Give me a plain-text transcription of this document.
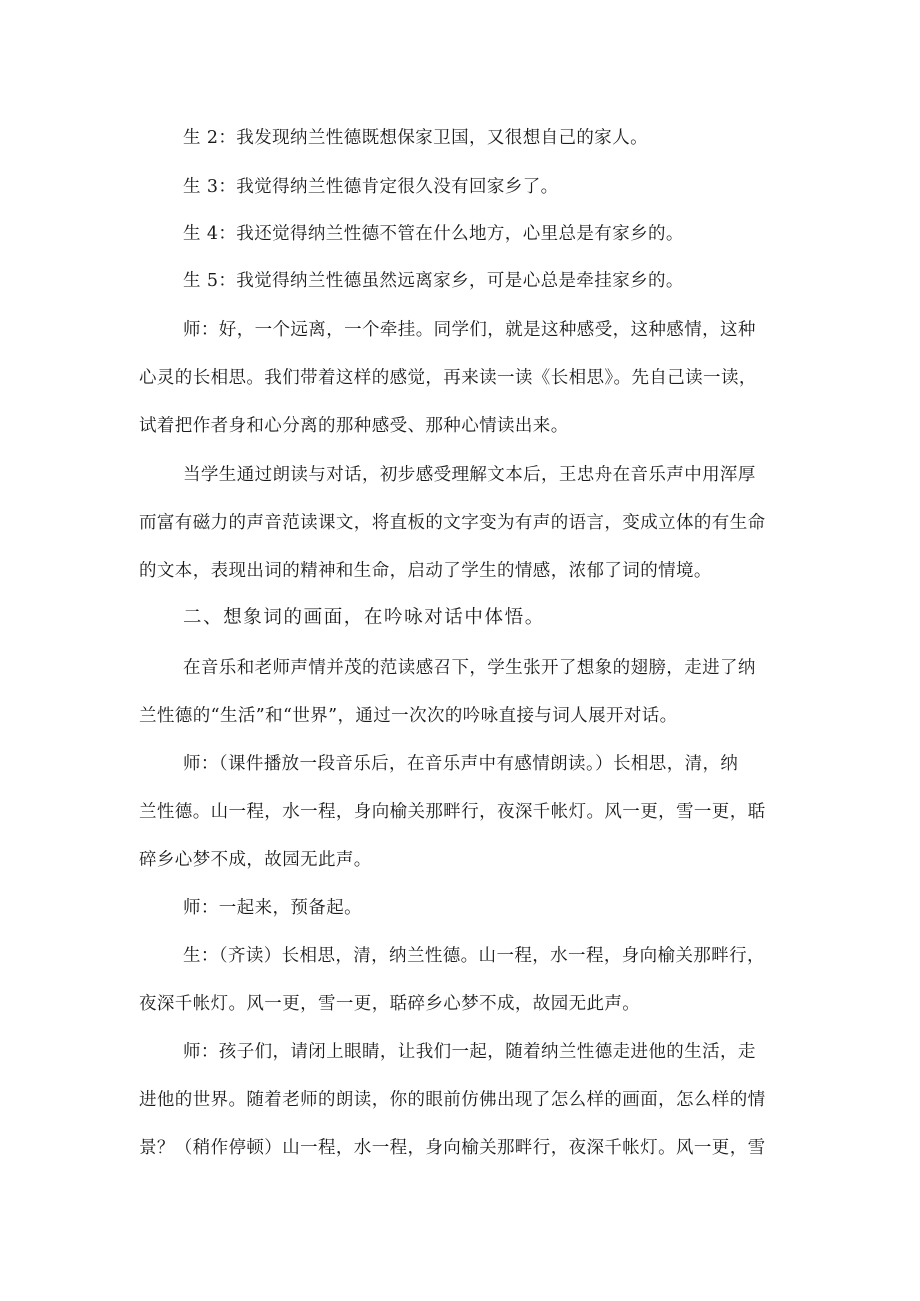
生 2：我发现纳兰性德既想保家卫国，又很想自己的家人。
生 3：我觉得纳兰性德肯定很久没有回家乡了。
生 4：我还觉得纳兰性德不管在什么地方，心里总是有家乡的。
生 5：我觉得纳兰性德虽然远离家乡，可是心总是牵挂家乡的。
师：好，一个远离，一个牵挂。同学们，就是这种感受，这种感情，这种
心灵的长相思。我们带着这样的感觉，再来读一读《长相思》。先自己读一读，
试着把作者身和心分离的那种感受、那种心情读出来。
当学生通过朗读与对话，初步感受理解文本后，王忠舟在音乐声中用浑厚
而富有磁力的声音范读课文，将直板的文字变为有声的语言，变成立体的有生命
的文本，表现出词的精神和生命，启动了学生的情感，浓郁了词的情境。
二、想象词的画面，在吟咏对话中体悟。
在音乐和老师声情并茂的范读感召下，学生张开了想象的翅膀，走进了纳
兰性德的“生活”和“世界”，通过一次次的吟咏直接与词人展开对话。
师：（课件播放一段音乐后，在音乐声中有感情朗读。）长相思，清，纳
兰性德。山一程，水一程，身向榆关那畔行，夜深千帐灯。风一更，雪一更，聒
碎乡心梦不成，故园无此声。
师：一起来，预备起。
生：（齐读）长相思，清，纳兰性德。山一程，水一程，身向榆关那畔行，
夜深千帐灯。风一更，雪一更，聒碎乡心梦不成，故园无此声。
师：孩子们，请闭上眼睛，让我们一起，随着纳兰性德走进他的生活，走
进他的世界。随着老师的朗读，你的眼前仿佛出现了怎么样的画面，怎么样的情
景？（稍作停顿）山一程，水一程，身向榆关那畔行，夜深千帐灯。风一更，雪
